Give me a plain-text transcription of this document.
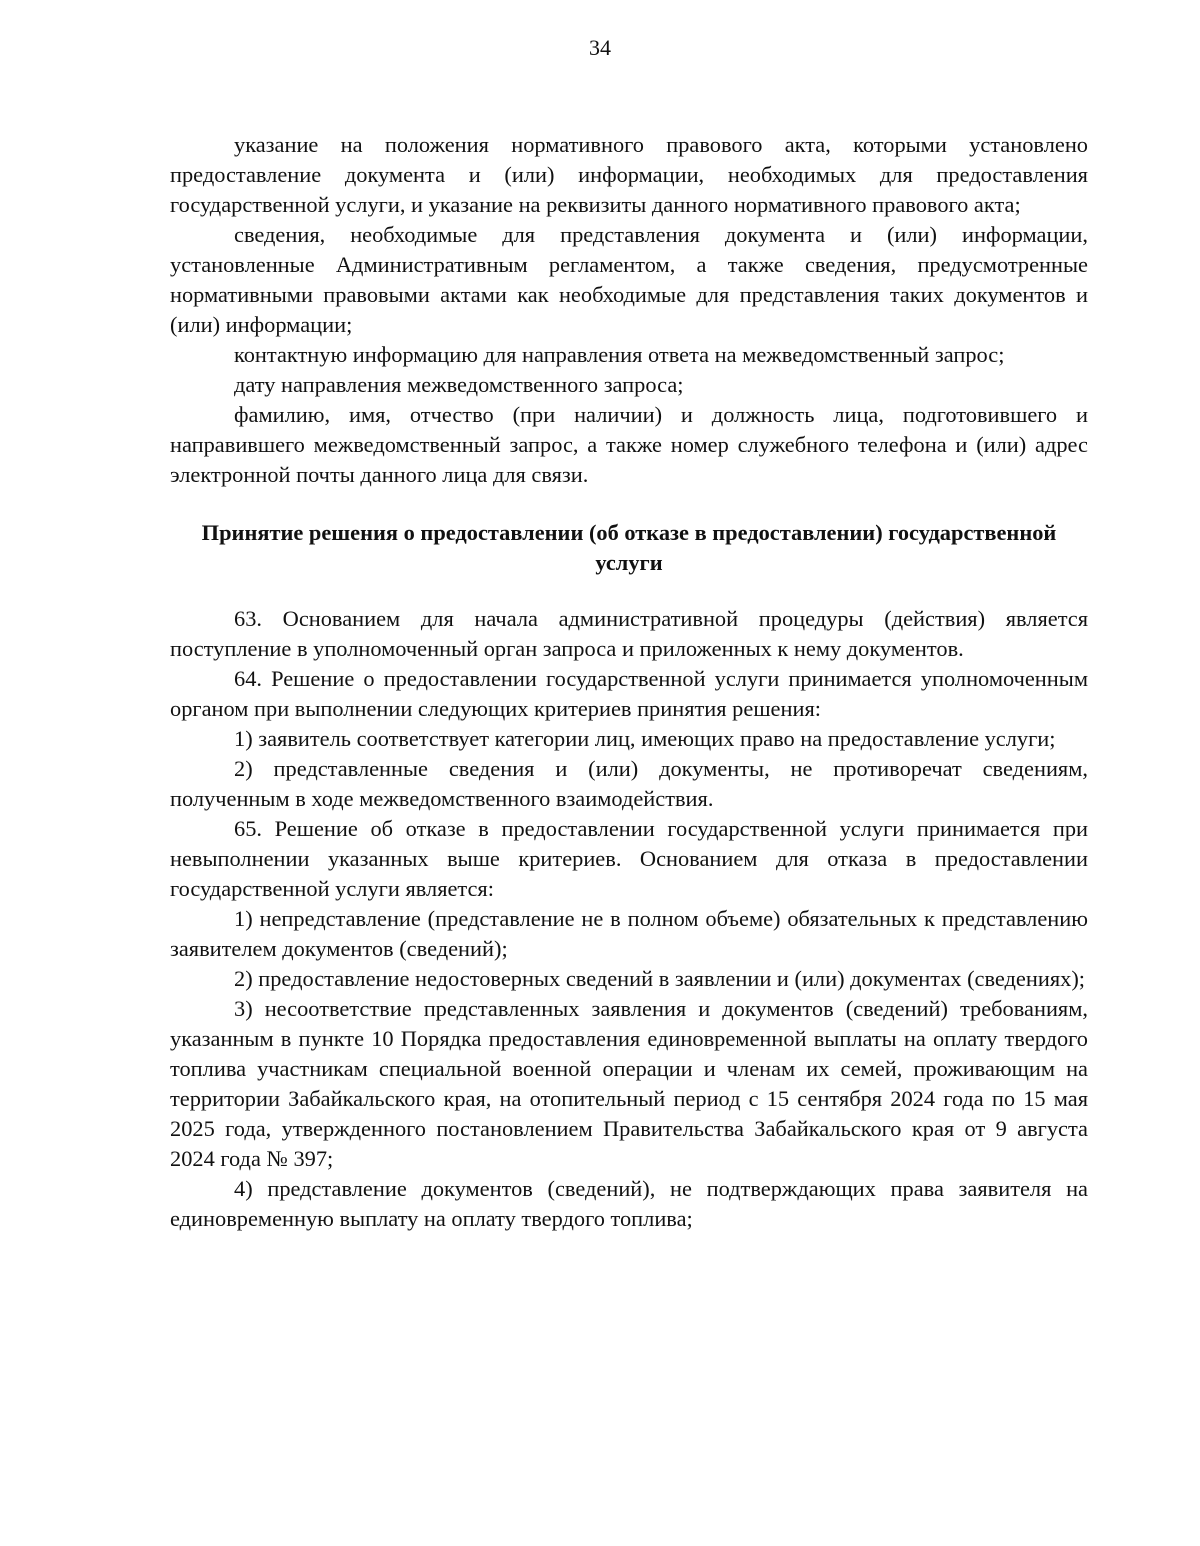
34

указание на положения нормативного правового акта, которыми установлено предоставление документа и (или) информации, необходимых для предоставления государственной услуги, и указание на реквизиты данного нормативного правового акта;

сведения, необходимые для представления документа и (или) информации, установленные Административным регламентом, а также сведения, предусмотренные нормативными правовыми актами как необходимые для представления таких документов и (или) информации;

контактную информацию для направления ответа на межведомственный запрос;

дату направления межведомственного запроса;

фамилию, имя, отчество (при наличии) и должность лица, подготовившего и направившего межведомственный запрос, а также номер служебного телефона и (или) адрес электронной почты данного лица для связи.

Принятие решения о предоставлении (об отказе в предоставлении) государственной услуги

63. Основанием для начала административной процедуры (действия) является поступление в уполномоченный орган запроса и приложенных к нему документов.

64. Решение о предоставлении государственной услуги принимается уполномоченным органом при выполнении следующих критериев принятия решения:

1) заявитель соответствует категории лиц, имеющих право на предоставление услуги;

2) представленные сведения и (или) документы, не противоречат сведениям, полученным в ходе межведомственного взаимодействия.

65. Решение об отказе в предоставлении государственной услуги принимается при невыполнении указанных выше критериев. Основанием для отказа в предоставлении государственной услуги является:

1) непредставление (представление не в полном объеме) обязательных к представлению заявителем документов (сведений);

2) предоставление недостоверных сведений в заявлении и (или) документах (сведениях);

3) несоответствие представленных заявления и документов (сведений) требованиям, указанным в пункте 10 Порядка предоставления единовременной выплаты на оплату твердого топлива участникам специальной военной операции и членам их семей, проживающим на территории Забайкальского края, на отопительный период с 15 сентября 2024 года по 15 мая 2025 года, утвержденного постановлением Правительства Забайкальского края от 9 августа 2024 года № 397;

4) представление документов (сведений), не подтверждающих права заявителя на единовременную выплату на оплату твердого топлива;
